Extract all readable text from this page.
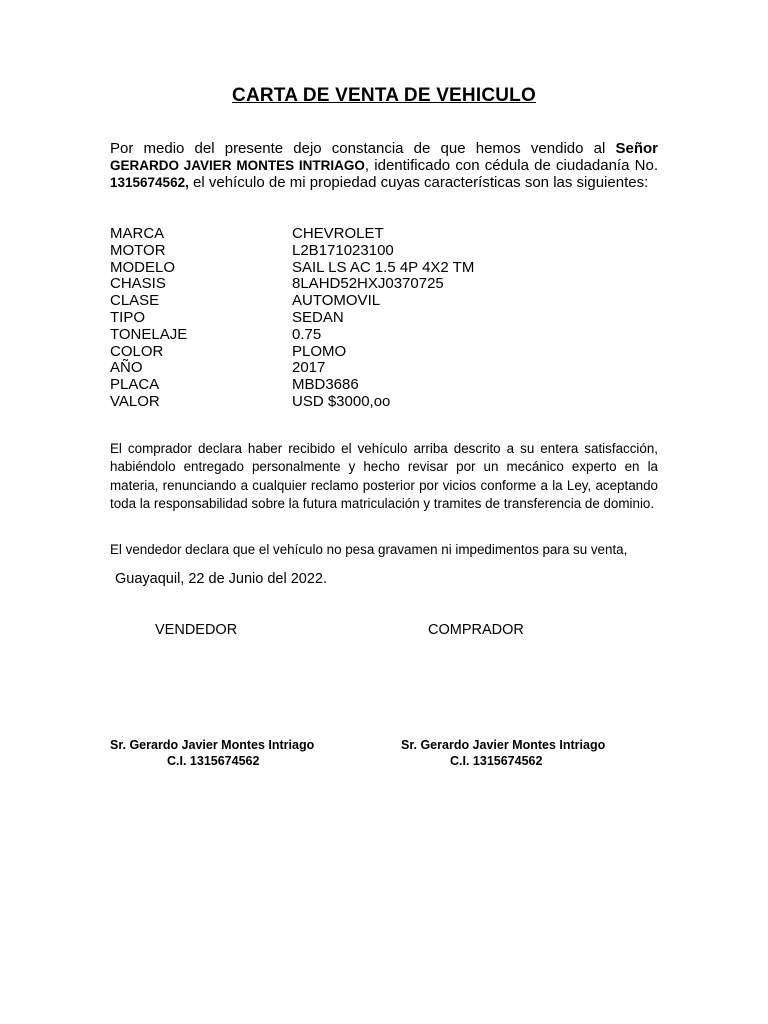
CARTA DE VENTA DE VEHICULO
Por medio del presente dejo constancia de que hemos vendido al Señor GERARDO JAVIER MONTES INTRIAGO, identificado con cédula de ciudadanía No. 1315674562, el vehículo de mi propiedad cuyas características son las siguientes:
MARCA	CHEVROLET
MOTOR	L2B171023100
MODELO	SAIL LS AC 1.5 4P 4X2 TM
CHASIS	8LAHD52HXJ0370725
CLASE	AUTOMOVIL
TIPO	SEDAN
TONELAJE	0.75
COLOR	PLOMO
AÑO	2017
PLACA	MBD3686
VALOR	USD $3000,oo
El comprador declara haber recibido el vehículo arriba descrito a su entera satisfacción, habiéndolo entregado personalmente y hecho revisar por un mecánico experto en la materia, renunciando a cualquier reclamo posterior por vicios conforme a la Ley, aceptando toda la responsabilidad sobre la futura matriculación y tramites de transferencia de dominio.
El vendedor declara que el vehículo no pesa gravamen ni impedimentos para su venta,
Guayaquil, 22 de Junio del 2022.
VENDEDOR	COMPRADOR
Sr. Gerardo Javier Montes Intriago
C.I. 1315674562
Sr. Gerardo Javier Montes Intriago
C.I. 1315674562
